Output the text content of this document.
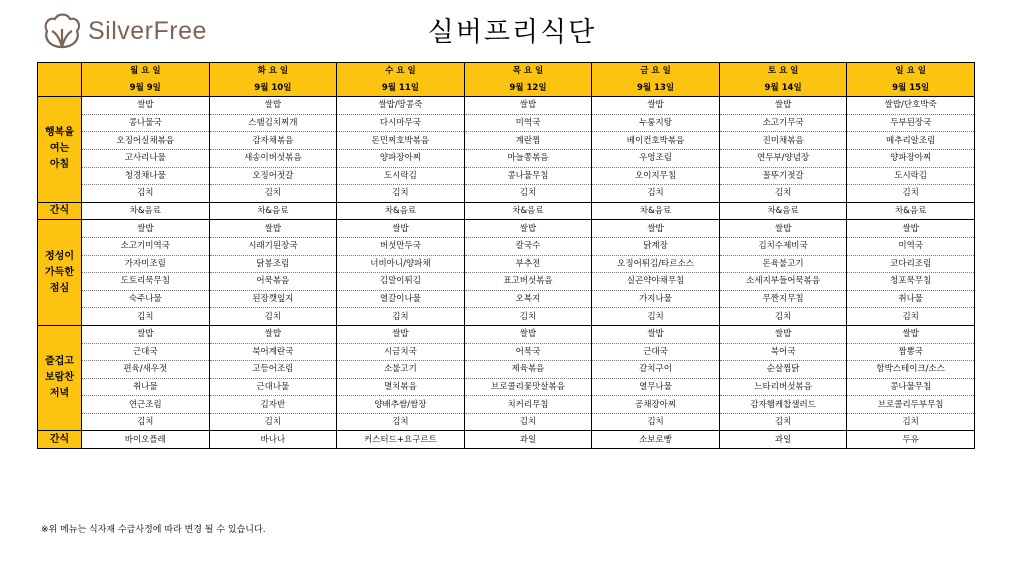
SilverFree	실버프리식단
	월 요 일	화 요 일	수 요 일	목 요 일	금 요 일	토 요 일	일 요 일
	9월 9일	9월 10일	9월 11일	9월 12일	9월 13일	9월 14일	9월 15일

행복을
여는
아침	쌀밥	쌀밥	쌀밥/땅콩죽	쌀밥	쌀밥	쌀밥	쌀밥/단호박죽
	콩나물국	스팸김치찌개	다시마무국	미역국	누룽지탕	소고기무국	두부된장국
	오징어실채볶음	감자채볶음	돈민찌호박볶음	계란찜	베이컨호박볶음	진미채볶음	메추리알조림
	고사리나물	새송이버섯볶음	양파장아찌	마늘쫑볶음	우엉조림	연두부/양념장	양파장아찌
	청경채나물	오징어젓갈	도시락김	콩나물무침	오이지무침	꼴뚜기젓갈	도시락김
	김치	김치	김치	김치	김치	김치	김치

간식	차&음료	차&음료	차&음료	차&음료	차&음료	차&음료	차&음료

정성이
가득한
점심	쌀밥	쌀밥	쌀밥	쌀밥	쌀밥	쌀밥	쌀밥
	소고기미역국	시래기된장국	버섯만두국	칼국수	닭계장	김치수제비국	미역국
	가자미조림	닭봉조림	너비아니/양파채	부추전	오징어튀김/타르소스	돈육불고기	코다리조림
	도토리묵무침	어묵볶음	김말이튀김	표고버섯볶음	실곤약야채무침	소세지부들어묵볶음	청포묵무침
	숙주나물	된장깻잎지	열갈이나물	오복지	가지나물	무짠지무침	취나물
	김치	김치	김치	김치	김치	김치	김치

즐겁고
보람찬
저녁	쌀밥	쌀밥	쌀밥	쌀밥	쌀밥	쌀밥	쌀밥
	근대국	북어계란국	시금치국	어묵국	근대국	북어국	짬뽕국
	편육/새우젓	고등어조림	소불고기	제육볶음	갈치구이	순살찜닭	함박스테이크/소스
	취나물	근대나물	멸치볶음	브로콜리꽃맛살볶음	열무나물	느타리버섯볶음	콩나물무침
	연근조림	김자반	양배추쌈/쌈장	치커리무침	공채장아찌	감자햄케찹샐러드	브로콜리두부무침
	김치	김치	김치	김치	김치	김치	김치

간식	바이오플레	바나나	커스터드+요구르트	과일	소보로빵	과일	두유
※위 메뉴는 식자재 수급사정에 따라 변경 될 수 있습니다.
